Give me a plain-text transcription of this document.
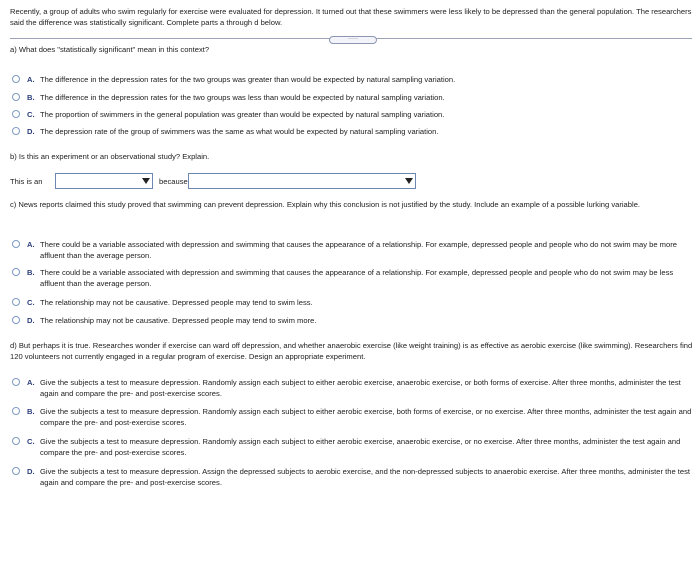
Recently, a group of adults who swim regularly for exercise were evaluated for depression. It turned out that these swimmers were less likely to be depressed than the general population. The researchers said the difference was statistically significant. Complete parts a through d below.
·····
a) What does "statistically significant" mean in this context?
A. The difference in the depression rates for the two groups was greater than would be expected by natural sampling variation.
B. The difference in the depression rates for the two groups was less than would be expected by natural sampling variation.
C. The proportion of swimmers in the general population was greater than would be expected by natural sampling variation.
D. The depression rate of the group of swimmers was the same as what would be expected by natural sampling variation.
b) Is this an experiment or an observational study? Explain.
This is an	because
c) News reports claimed this study proved that swimming can prevent depression. Explain why this conclusion is not justified by the study. Include an example of a possible lurking variable.
A. There could be a variable associated with depression and swimming that causes the appearance of a relationship. For example, depressed people and people who do not swim may be more affluent than the average person.
B. There could be a variable associated with depression and swimming that causes the appearance of a relationship. For example, depressed people and people who do not swim may be less affluent than the average person.
C. The relationship may not be causative. Depressed people may tend to swim less.
D. The relationship may not be causative. Depressed people may tend to swim more.
d) But perhaps it is true. Researches wonder if exercise can ward off depression, and whether anaerobic exercise (like weight training) is as effective as aerobic exercise (like swimming). Researchers find 120 volunteers not currently engaged in a regular program of exercise. Design an appropriate experiment.
A. Give the subjects a test to measure depression. Randomly assign each subject to either aerobic exercise, anaerobic exercise, or both forms of exercise. After three months, administer the test again and compare the pre- and post-exercise scores.
B. Give the subjects a test to measure depression. Randomly assign each subject to either aerobic exercise, both forms of exercise, or no exercise. After three months, administer the test again and compare the pre- and post-exercise scores.
C. Give the subjects a test to measure depression. Randomly assign each subject to either aerobic exercise, anaerobic exercise, or no exercise. After three months, administer the test again and compare the pre- and post-exercise scores.
D. Give the subjects a test to measure depression. Assign the depressed subjects to aerobic exercise, and the non-depressed subjects to anaerobic exercise. After three months, administer the test again and compare the pre- and post-exercise scores.
